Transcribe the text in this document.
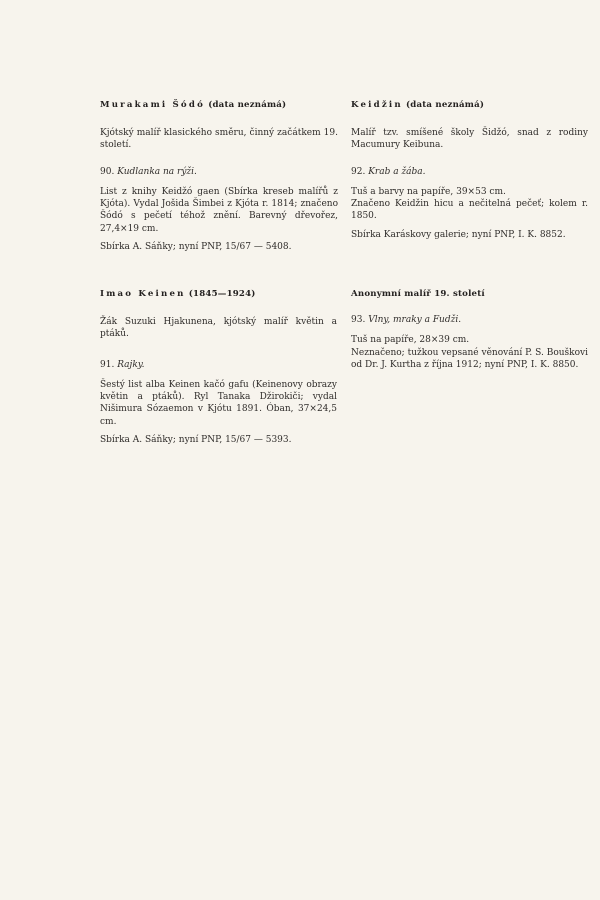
Murakami Šódó (data neznámá)

Kjótský malíř klasického směru, činný začátkem 19. století.

90. Kudlanka na rýži.

List z knihy Keidžó gaen (Sbírka kreseb malířů z Kjóta). Vydal Jošida Šimbei z Kjóta r. 1814; značeno Šódó s pečetí téhož znění. Barevný dřevořez, 27,4×19 cm.

Sbírka A. Sáňky; nyní PNP, 15/67 — 5408.

Keidžin (data neznámá)

Malíř tzv. smíšené školy Šidžó, snad z rodiny Macumury Keibuna.

92. Krab a žába.

Tuš a barvy na papíře, 39×53 cm.

Značeno Keidžin hicu a nečitelná pečeť; kolem r. 1850.

Sbírka Karáskovy galerie; nyní PNP, I. K. 8852.

Imao Keinen (1845—1924)

Žák Suzuki Hjakunena, kjótský malíř květin a ptáků.

91. Rajky.

Šestý list alba Keinen kačó gafu (Keinenovy obrazy květin a ptáků). Ryl Tanaka Džirokiči; vydal Nišimura Sózaemon v Kjótu 1891. Óban, 37×24,5 cm.

Sbírka A. Sáňky; nyní PNP, 15/67 — 5393.

Anonymní malíř 19. století

93. Vlny, mraky a Fudži.

Tuš na papíře, 28×39 cm.

Neznačeno; tužkou vepsané věnování P. S. Bouškovi od Dr. J. Kurtha z října 1912; nyní PNP, I. K. 8850.
